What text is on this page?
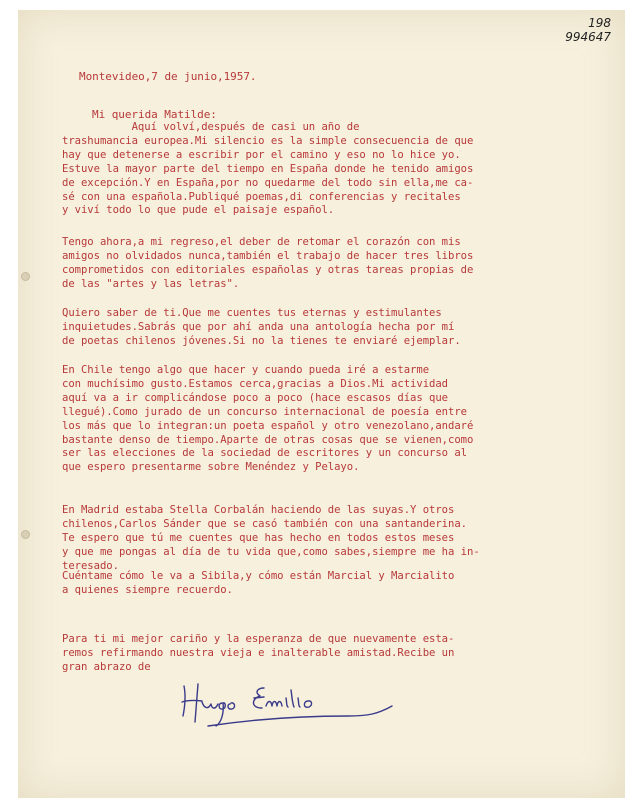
198
994647
Montevideo,7 de junio,1957.
Mi querida Matilde:
Aquí volví,después de casi un año de
trashumancia europea.Mi silencio es la simple consecuencia de que
hay que detenerse a escribir por el camino y eso no lo hice yo.
Estuve la mayor parte del tiempo en España donde he tenido amigos
de excepción.Y en España,por no quedarme del todo sin ella,me ca-
sé con una española.Publiqué poemas,di conferencias y recitales
y viví todo lo que pude el paisaje español.
Tengo ahora,a mi regreso,el deber de retomar el corazón con mis
amigos no olvidados nunca,también el trabajo de hacer tres libros
comprometidos con editoriales españolas y otras tareas propias de
de las "artes y las letras".
Quiero saber de ti.Que me cuentes tus eternas y estimulantes
inquietudes.Sabrás que por ahí anda una antología hecha por mí
de poetas chilenos jóvenes.Si no la tienes te enviaré ejemplar.
En Chile tengo algo que hacer y cuando pueda iré a estarme
con muchísimo gusto.Estamos cerca,gracias a Dios.Mi actividad
aquí va a ir complicándose poco a poco (hace escasos días que
llegué).Como jurado de un concurso internacional de poesía entre
los más que lo integran:un poeta español y otro venezolano,andaré
bastante denso de tiempo.Aparte de otras cosas que se vienen,como
ser las elecciones de la sociedad de escritores y un concurso al
que espero presentarme sobre Menéndez y Pelayo.
En Madrid estaba Stella Corbalán haciendo de las suyas.Y otros
chilenos,Carlos Sánder que se casó también con una santanderina.
Te espero que tú me cuentes que has hecho en todos estos meses
y que me pongas al día de tu vida que,como sabes,siempre me ha in-
teresado.
Cuéntame cómo le va a Sibila,y cómo están Marcial y Marcialito
a quienes siempre recuerdo.
Para ti mi mejor cariño y la esperanza de que nuevamente esta-
remos refirmando nuestra vieja e inalterable amistad.Recibe un
gran abrazo de
Hugo Emilio
